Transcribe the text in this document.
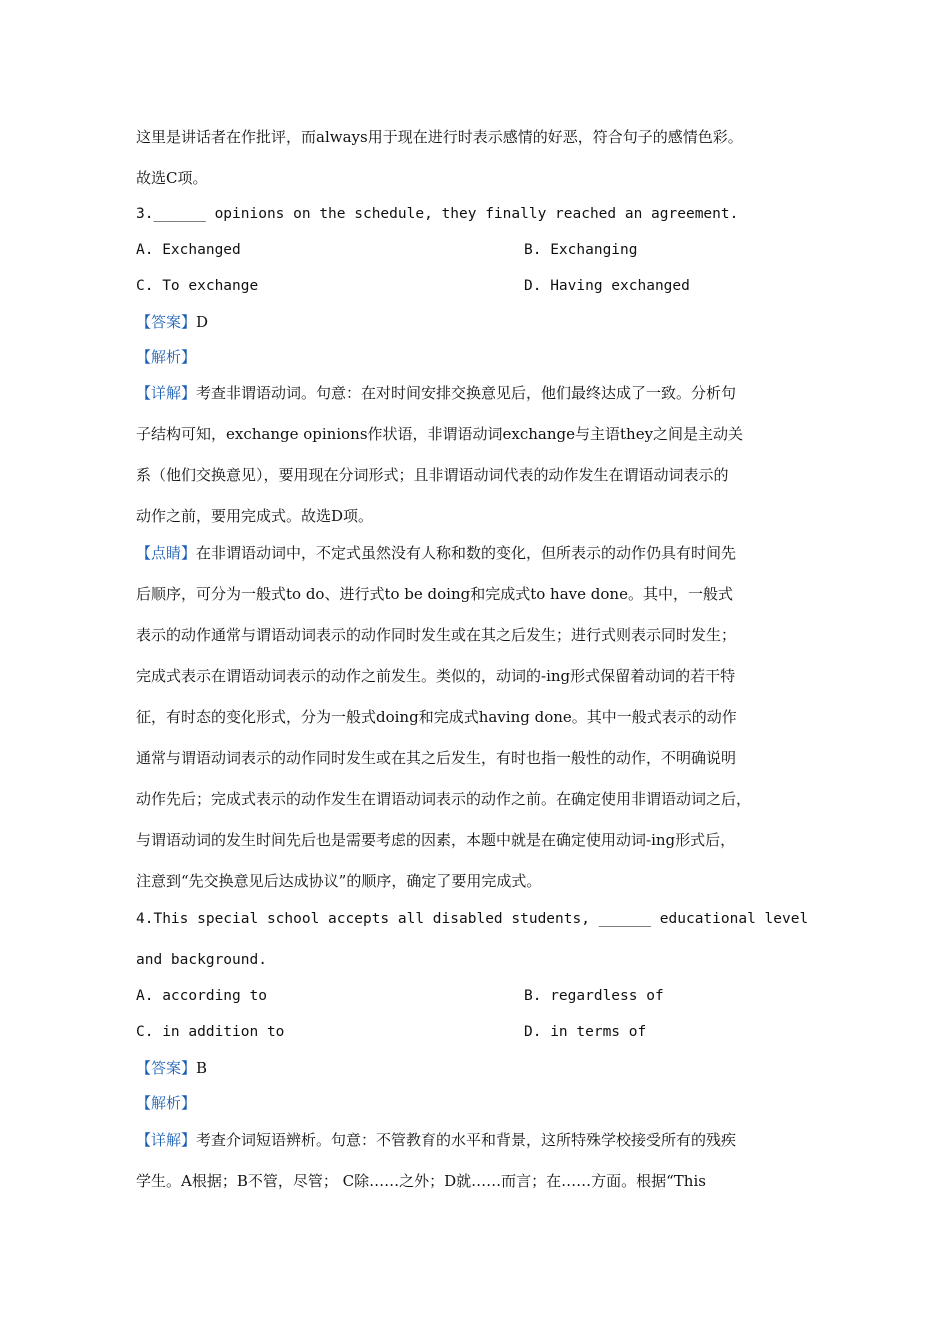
这里是讲话者在作批评，而always用于现在进行时表示感情的好恶，符合句子的感情色彩。
故选C项。
3.______ opinions on the schedule, they finally reached an agreement.
A. Exchanged	B. Exchanging
C. To exchange	D. Having exchanged
【答案】D
【解析】
【详解】考查非谓语动词。句意：在对时间安排交换意见后，他们最终达成了一致。分析句
子结构可知，exchange opinions作状语，非谓语动词exchange与主语they之间是主动关
系（他们交换意见），要用现在分词形式；且非谓语动词代表的动作发生在谓语动词表示的
动作之前，要用完成式。故选D项。
【点睛】在非谓语动词中，不定式虽然没有人称和数的变化，但所表示的动作仍具有时间先
后顺序，可分为一般式to do、进行式to be doing和完成式to have done。其中，一般式
表示的动作通常与谓语动词表示的动作同时发生或在其之后发生；进行式则表示同时发生；
完成式表示在谓语动词表示的动作之前发生。类似的，动词的-ing形式保留着动词的若干特
征，有时态的变化形式，分为一般式doing和完成式having done。其中一般式表示的动作
通常与谓语动词表示的动作同时发生或在其之后发生，有时也指一般性的动作，不明确说明
动作先后；完成式表示的动作发生在谓语动词表示的动作之前。在确定使用非谓语动词之后，
与谓语动词的发生时间先后也是需要考虑的因素，本题中就是在确定使用动词-ing形式后，
注意到“先交换意见后达成协议”的顺序，确定了要用完成式。
4.This special school accepts all disabled students, ______ educational level
and background.
A. according to	B. regardless of
C. in addition to	D. in terms of
【答案】B
【解析】
【详解】考查介词短语辨析。句意：不管教育的水平和背景，这所特殊学校接受所有的残疾
学生。A根据；B不管，尽管； C除……之外；D就……而言；在……方面。根据“This
